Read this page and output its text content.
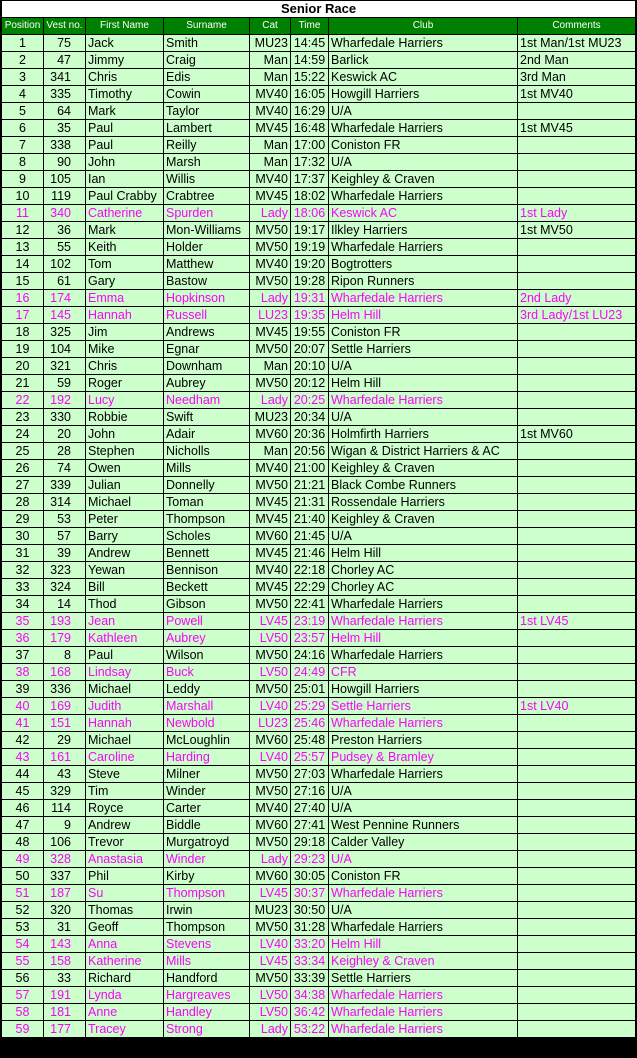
Senior Race							
Position	Vest no.	First Name	Surname	Cat	Time	Club	Comments
1	75	Jack	Smith	MU23	14:45	Wharfedale Harriers	1st Man/1st MU23
2	47	Jimmy	Craig	Man	14:59	Barlick	2nd Man
3	341	Chris	Edis	Man	15:22	Keswick AC	3rd Man
4	335	Timothy	Cowin	MV40	16:05	Howgill Harriers	1st MV40
5	64	Mark	Taylor	MV40	16:29	U/A	
6	35	Paul	Lambert	MV45	16:48	Wharfedale Harriers	1st MV45
7	338	Paul	Reilly	Man	17:00	Coniston FR	
8	90	John	Marsh	Man	17:32	U/A	
9	105	Ian	Willis	MV40	17:37	Keighley & Craven	
10	119	Paul Crabby	Crabtree	MV45	18:02	Wharfedale Harriers	
11	340	Catherine	Spurden	Lady	18:06	Keswick AC	1st Lady
12	36	Mark	Mon-Williams	MV50	19:17	Ilkley Harriers	1st MV50
13	55	Keith	Holder	MV50	19:19	Wharfedale Harriers	
14	102	Tom	Matthew	MV40	19:20	Bogtrotters	
15	61	Gary	Bastow	MV50	19:28	Ripon Runners	
16	174	Emma	Hopkinson	Lady	19:31	Wharfedale Harriers	2nd Lady
17	145	Hannah	Russell	LU23	19:35	Helm Hill	3rd Lady/1st LU23
18	325	Jim	Andrews	MV45	19:55	Coniston FR	
19	104	Mike	Egnar	MV50	20:07	Settle Harriers	
20	321	Chris	Downham	Man	20:10	U/A	
21	59	Roger	Aubrey	MV50	20:12	Helm Hill	
22	192	Lucy	Needham	Lady	20:25	Wharfedale Harriers	
23	330	Robbie	Swift	MU23	20:34	U/A	
24	20	John	Adair	MV60	20:36	Holmfirth Harriers	1st MV60
25	28	Stephen	Nicholls	Man	20:56	Wigan & District Harriers & AC	
26	74	Owen	Mills	MV40	21:00	Keighley & Craven	
27	339	Julian	Donnelly	MV50	21:21	Black Combe Runners	
28	314	Michael	Toman	MV45	21:31	Rossendale Harriers	
29	53	Peter	Thompson	MV45	21:40	Keighley & Craven	
30	57	Barry	Scholes	MV60	21:45	U/A	
31	39	Andrew	Bennett	MV45	21:46	Helm Hill	
32	323	Yewan	Bennison	MV40	22:18	Chorley AC	
33	324	Bill	Beckett	MV45	22:29	Chorley AC	
34	14	Thod	Gibson	MV50	22:41	Wharfedale Harriers	
35	193	Jean	Powell	LV45	23:19	Wharfedale Harriers	1st LV45
36	179	Kathleen	Aubrey	LV50	23:57	Helm Hill	
37	8	Paul	Wilson	MV50	24:16	Wharfedale Harriers	
38	168	Lindsay	Buck	LV50	24:49	CFR	
39	336	Michael	Leddy	MV50	25:01	Howgill Harriers	
40	169	Judith	Marshall	LV40	25:29	Settle Harriers	1st LV40
41	151	Hannah	Newbold	LU23	25:46	Wharfedale Harriers	
42	29	Michael	McLoughlin	MV60	25:48	Preston Harriers	
43	161	Caroline	Harding	LV40	25:57	Pudsey & Bramley	
44	43	Steve	Milner	MV50	27:03	Wharfedale Harriers	
45	329	Tim	Winder	MV50	27:16	U/A	
46	114	Royce	Carter	MV40	27:40	U/A	
47	9	Andrew	Biddle	MV60	27:41	West Pennine Runners	
48	106	Trevor	Murgatroyd	MV50	29:18	Calder Valley	
49	328	Anastasia	Winder	Lady	29:23	U/A	
50	337	Phil	Kirby	MV60	30:05	Coniston FR	
51	187	Su	Thompson	LV45	30:37	Wharfedale Harriers	
52	320	Thomas	Irwin	MU23	30:50	U/A	
53	31	Geoff	Thompson	MV50	31:28	Wharfedale Harriers	
54	143	Anna	Stevens	LV40	33:20	Helm Hill	
55	158	Katherine	Mills	LV45	33:34	Keighley & Craven	
56	33	Richard	Handford	MV50	33:39	Settle Harriers	
57	191	Lynda	Hargreaves	LV50	34:38	Wharfedale Harriers	
58	181	Anne	Handley	LV50	36:42	Wharfedale Harriers	
59	177	Tracey	Strong	Lady	53:22	Wharfedale Harriers	
